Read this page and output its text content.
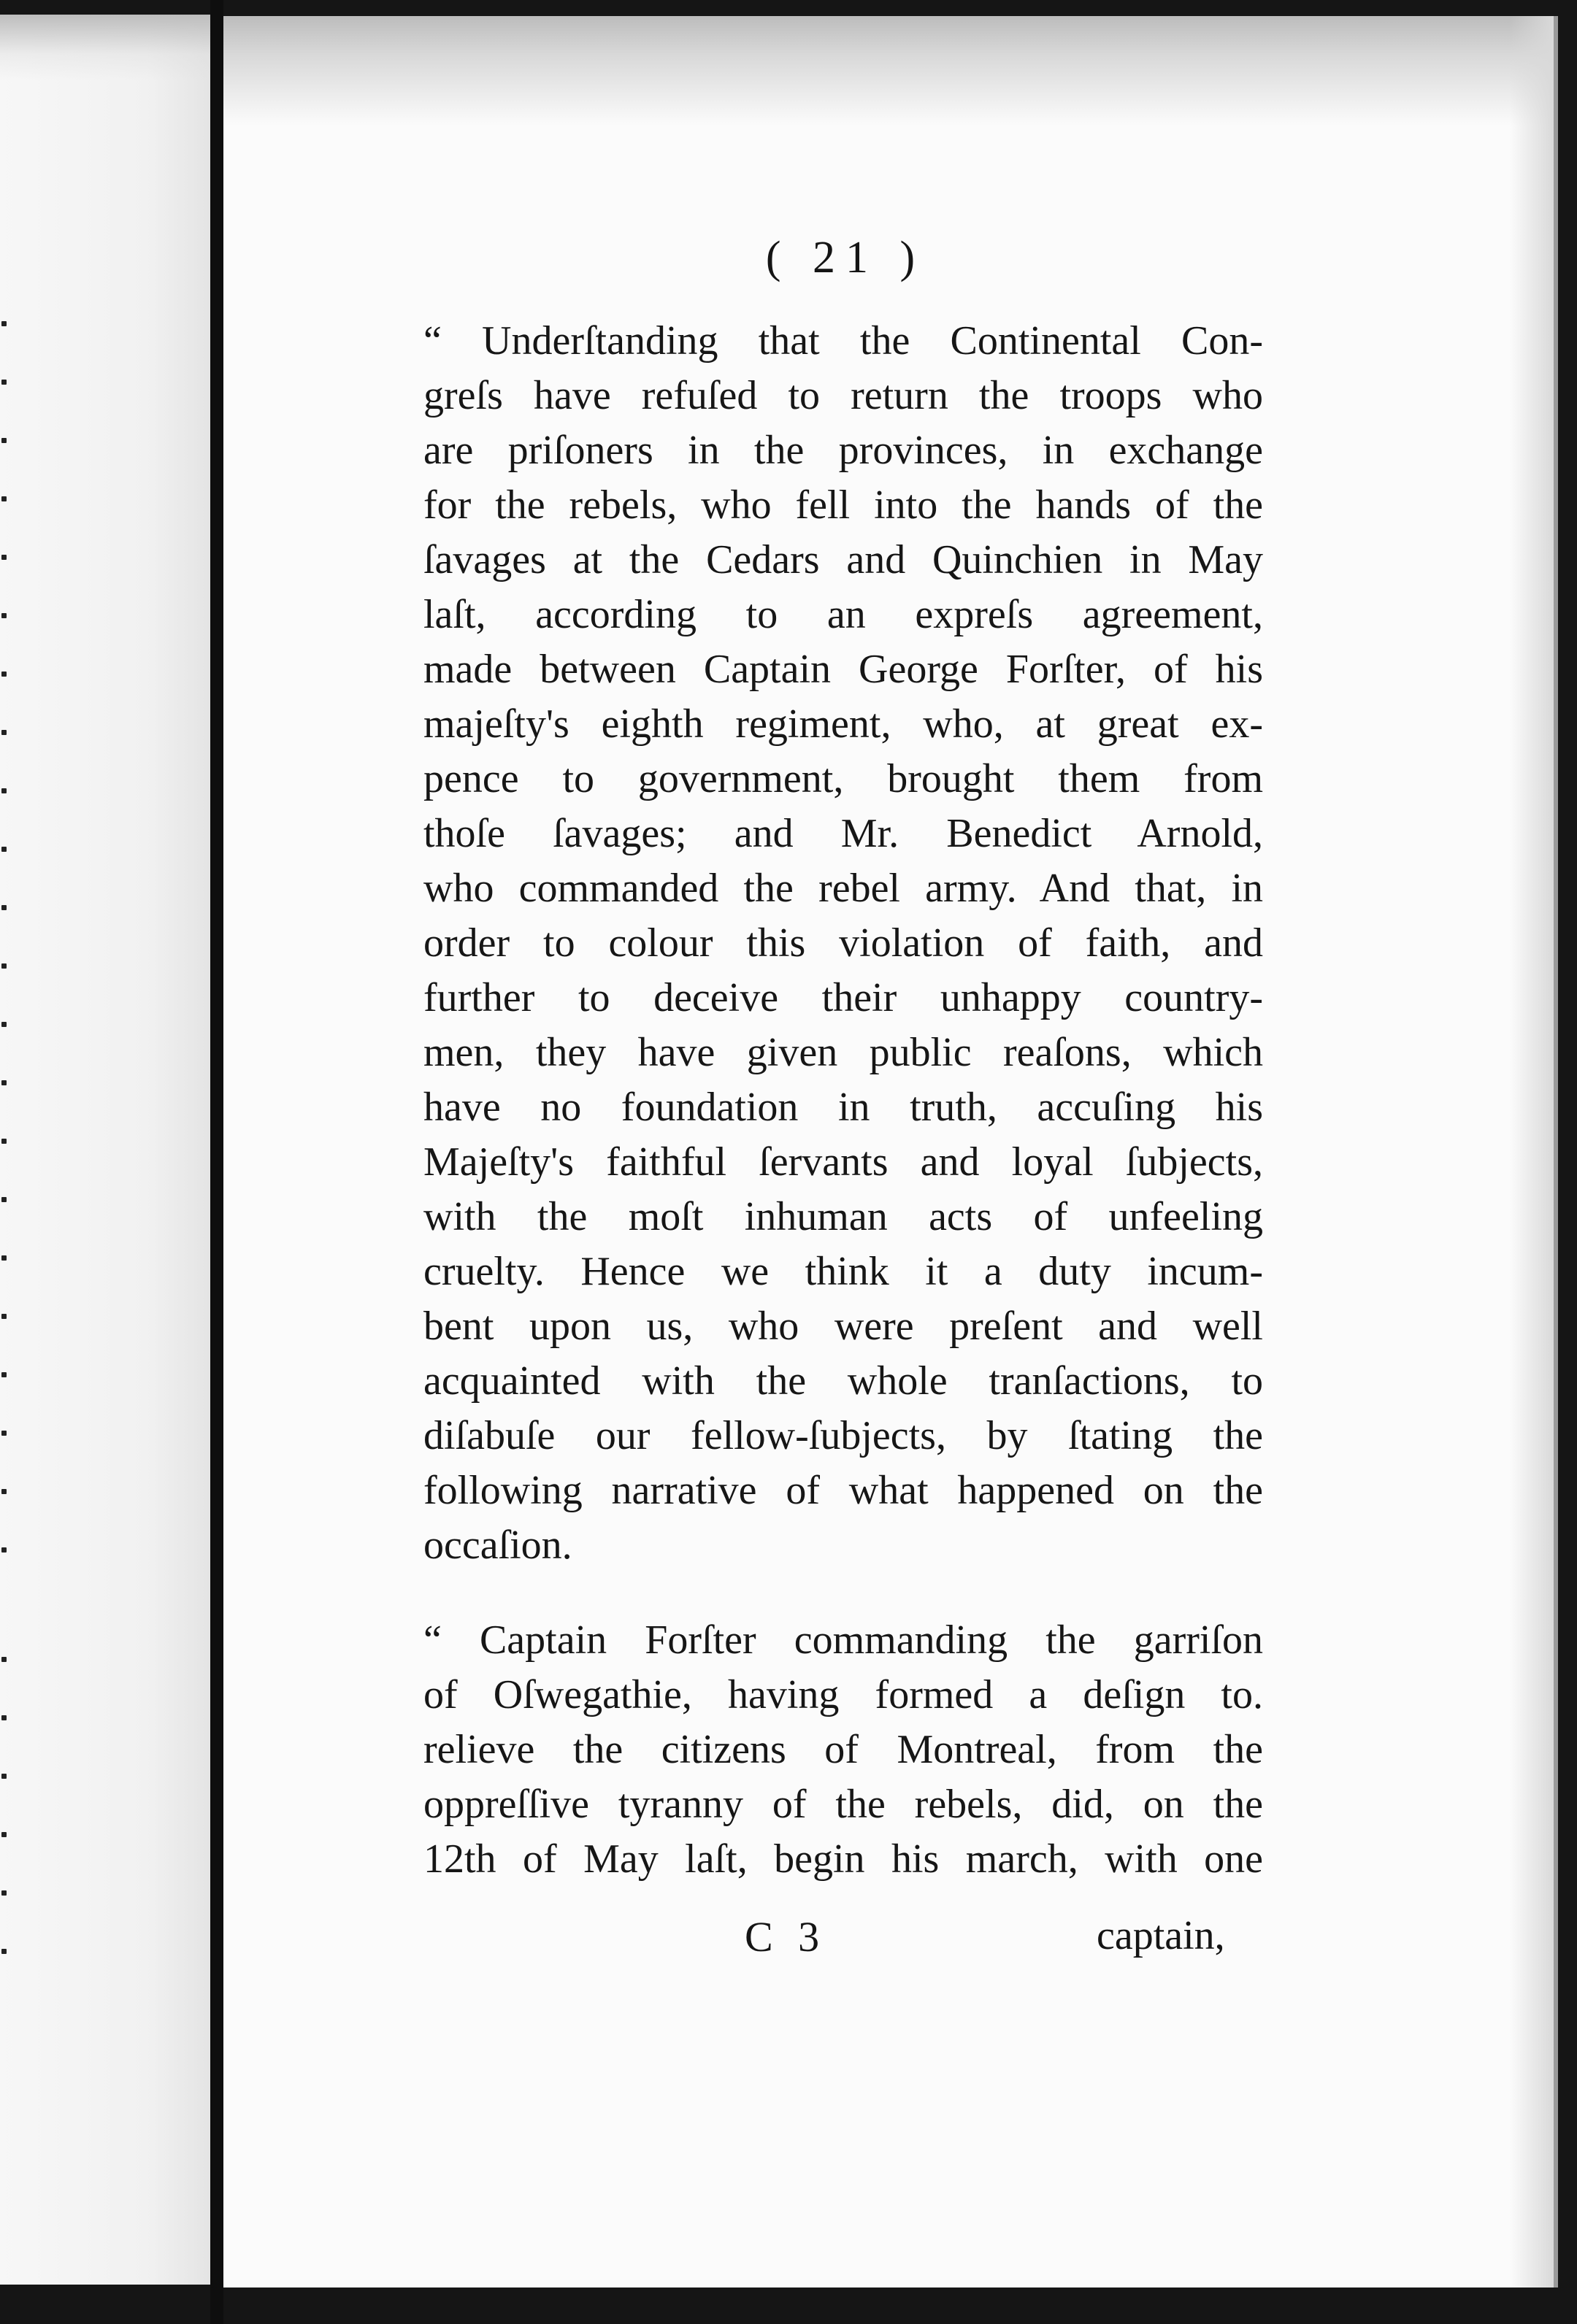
( 21 )
“ Underſtanding that the Continental Con-
greſs have refuſed to return the troops who
are priſoners in the provinces, in exchange
for the rebels, who fell into the hands of the
ſavages at the Cedars and Quinchien in May
laſt, according to an expreſs agreement,
made between Captain George Forſter, of his
majeſty's eighth regiment, who, at great ex-
pence to government, brought them from
thoſe ſavages; and Mr. Benedict Arnold,
who commanded the rebel army. And that, in
order to colour this violation of faith, and
further to deceive their unhappy country-
men, they have given public reaſons, which
have no foundation in truth, accuſing his
Majeſty's faithful ſervants and loyal ſubjects,
with the moſt inhuman acts of unfeeling
cruelty. Hence we think it a duty incum-
bent upon us, who were preſent and well
acquainted with the whole tranſactions, to
diſabuſe our fellow-ſubjects, by ſtating the
following narrative of what happened on the
occaſion.
“ Captain Forſter commanding the garriſon
of Oſwegathie, having formed a deſign to.
relieve the citizens of Montreal, from the
oppreſſive tyranny of the rebels, did, on the
12th of May laſt, begin his march, with one
C 3	captain,
